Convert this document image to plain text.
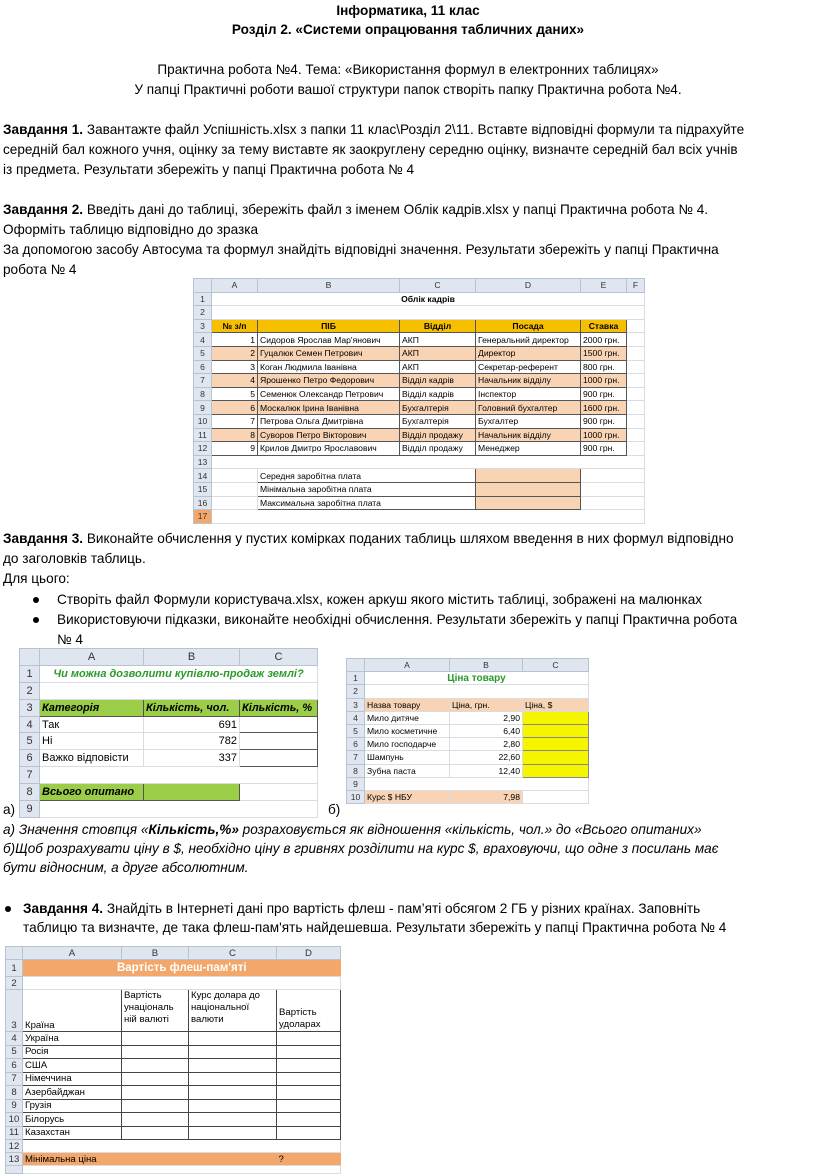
Інформатика, 11 клас
Розділ 2. «Системи опрацювання табличних даних»
Практична робота №4. Тема: «Використання формул в електронних таблицях»
У папці Практичні роботи вашої структури папок створіть папку Практична робота №4.
Завдання 1. Завантажте файл Успішність.xlsx з папки 11 клас\Розділ 2\11. Вставте відповідні формули та підрахуйте
середній бал кожного учня, оцінку за тему виставте як заокруглену середню оцінку, визначте середній бал всіх учнів
із предмета. Результати збережіть у папці Практична робота № 4
Завдання 2. Введіть дані до таблиці, збережіть файл з іменем Облік кадрів.xlsx у папці Практична робота № 4.
Оформіть таблицю відповідно до зразка
За допомогою засобу Автосума та формул знайдіть відповідні значення. Результати збережіть у папці Практична
робота № 4
	A	B	C	D	E	F
1	Облік кадрів					
2						
3	№ з/п	ПІБ	Відділ	Посада	Ставка	
4	1	Сидоров Ярослав Мар'янович	АКП	Генеральний директор	2000 грн.	
5	2	Гуцалюк Семен Петрович	АКП	Директор	1500 грн.	
6	3	Коган Людмила Іванівна	АКП	Секретар-референт	800 грн.	
7	4	Ярошенко Петро Федорович	Відділ кадрів	Начальник відділу	1000 грн.	
8	5	Семенюк Олександр Петрович	Відділ кадрів	Інспектор	900 грн.	
9	6	Москалюк Ірина Іванівна	Бухгалтерія	Головний бухгалтер	1600 грн.	
10	7	Петрова Ольга Дмитрівна	Бухгалтерія	Бухгалтер	900 грн.	
11	8	Суворов Петро Вікторович	Відділ продажу	Начальник відділу	1000 грн.	
12	9	Крилов Дмитро Ярославович	Відділ продажу	Менеджер	900 грн.	
13						
14		Середня заробітна плата				
15		Мінімальна заробітна плата				
16		Максимальна заробітна плата				
17						
Завдання 3. Виконайте обчислення у пустих комірках поданих таблиць шляхом введення в них формул відповідно
до заголовків таблиць.
Для цього:
Створіть файл Формули користувача.xlsx, кожен аркуш якого містить таблиці, зображені на малюнках
Використовуючи підказки, виконайте необхідні обчислення. Результати збережіть у папці Практична робота
№ 4
	A	B	C
1	Чи можна дозволити купівлю-продаж землі?		
2			
3	Категорія	Кількість, чол.	Кількість, %
4	Так	691	
5	Ні	782	
6	Важко відповісти	337	
7			
8	Всього опитано		
9			
а)	б)
	A	B	C
1	Ціна товару		
2			
3	Назва товару	Ціна, грн.	Ціна, $
4	Мило дитяче	2,90	
5	Мило косметичне	6,40	
6	Мило господарче	2,80	
7	Шампунь	22,60	
8	Зубна паста	12,40	
9			
10	Курс $ НБУ	7,98	
а) Значення стовпця «Кількість,%» розраховується як відношення «кількість, чол.» до «Всього опитаних»
б)Щоб розрахувати ціну в $, необхідно ціну в гривнях розділити на курс $, враховуючи, що одне з посилань має
бути відносним, а друге абсолютним.
Завдання 4. Знайдіть в Інтернеті дані про вартість флеш - пам’яті обсягом 2 ГБ у різних країнах. Заповніть
таблицю та визначте, де така флеш-пам'ять найдешевша. Результати збережіть у папці Практична робота № 4
	A	B	C	D
1	Вартість флеш-пам'яті			
2				
3	Країна	Вартість унаціональ ній валюті	Курс долара до національної валюти	Вартість удоларах
4	Україна			
5	Росія			
6	США			
7	Німеччина			
8	Азербайджан			
9	Грузія			
10	Білорусь			
11	Казахстан			
12				
13	Мінімальна ціна			?
